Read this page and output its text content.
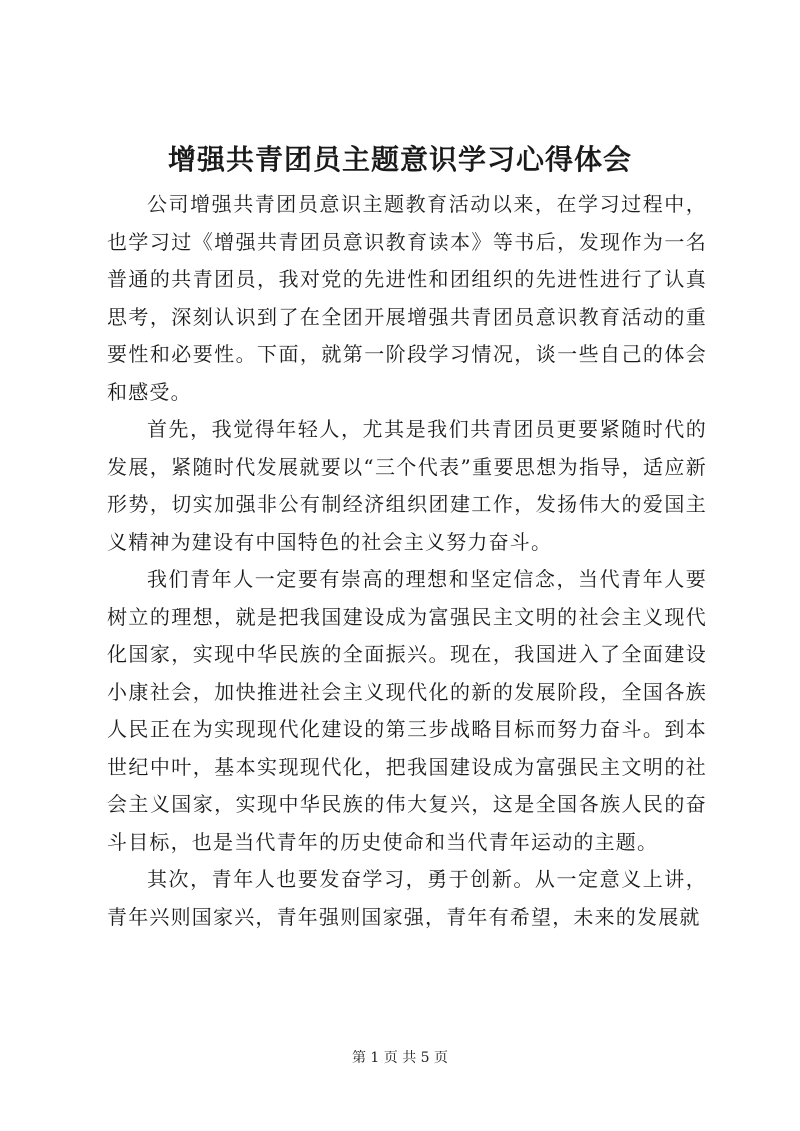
增强共青团员主题意识学习心得体会

公司增强共青团员意识主题教育活动以来，在学习过程中，也学习过《增强共青团员意识教育读本》等书后，发现作为一名普通的共青团员，我对党的先进性和团组织的先进性进行了认真思考，深刻认识到了在全团开展增强共青团员意识教育活动的重要性和必要性。下面，就第一阶段学习情况，谈一些自己的体会和感受。

首先，我觉得年轻人，尤其是我们共青团员更要紧随时代的发展，紧随时代发展就要以“三个代表”重要思想为指导，适应新形势，切实加强非公有制经济组织团建工作，发扬伟大的爱国主义精神为建设有中国特色的社会主义努力奋斗。

我们青年人一定要有崇高的理想和坚定信念，当代青年人要树立的理想，就是把我国建设成为富强民主文明的社会主义现代化国家，实现中华民族的全面振兴。现在，我国进入了全面建设小康社会，加快推进社会主义现代化的新的发展阶段，全国各族人民正在为实现现代化建设的第三步战略目标而努力奋斗。到本世纪中叶，基本实现现代化，把我国建设成为富强民主文明的社会主义国家，实现中华民族的伟大复兴，这是全国各族人民的奋斗目标，也是当代青年的历史使命和当代青年运动的主题。

其次，青年人也要发奋学习，勇于创新。从一定意义上讲，青年兴则国家兴，青年强则国家强，青年有希望，未来的发展就

第 1 页 共 5 页
